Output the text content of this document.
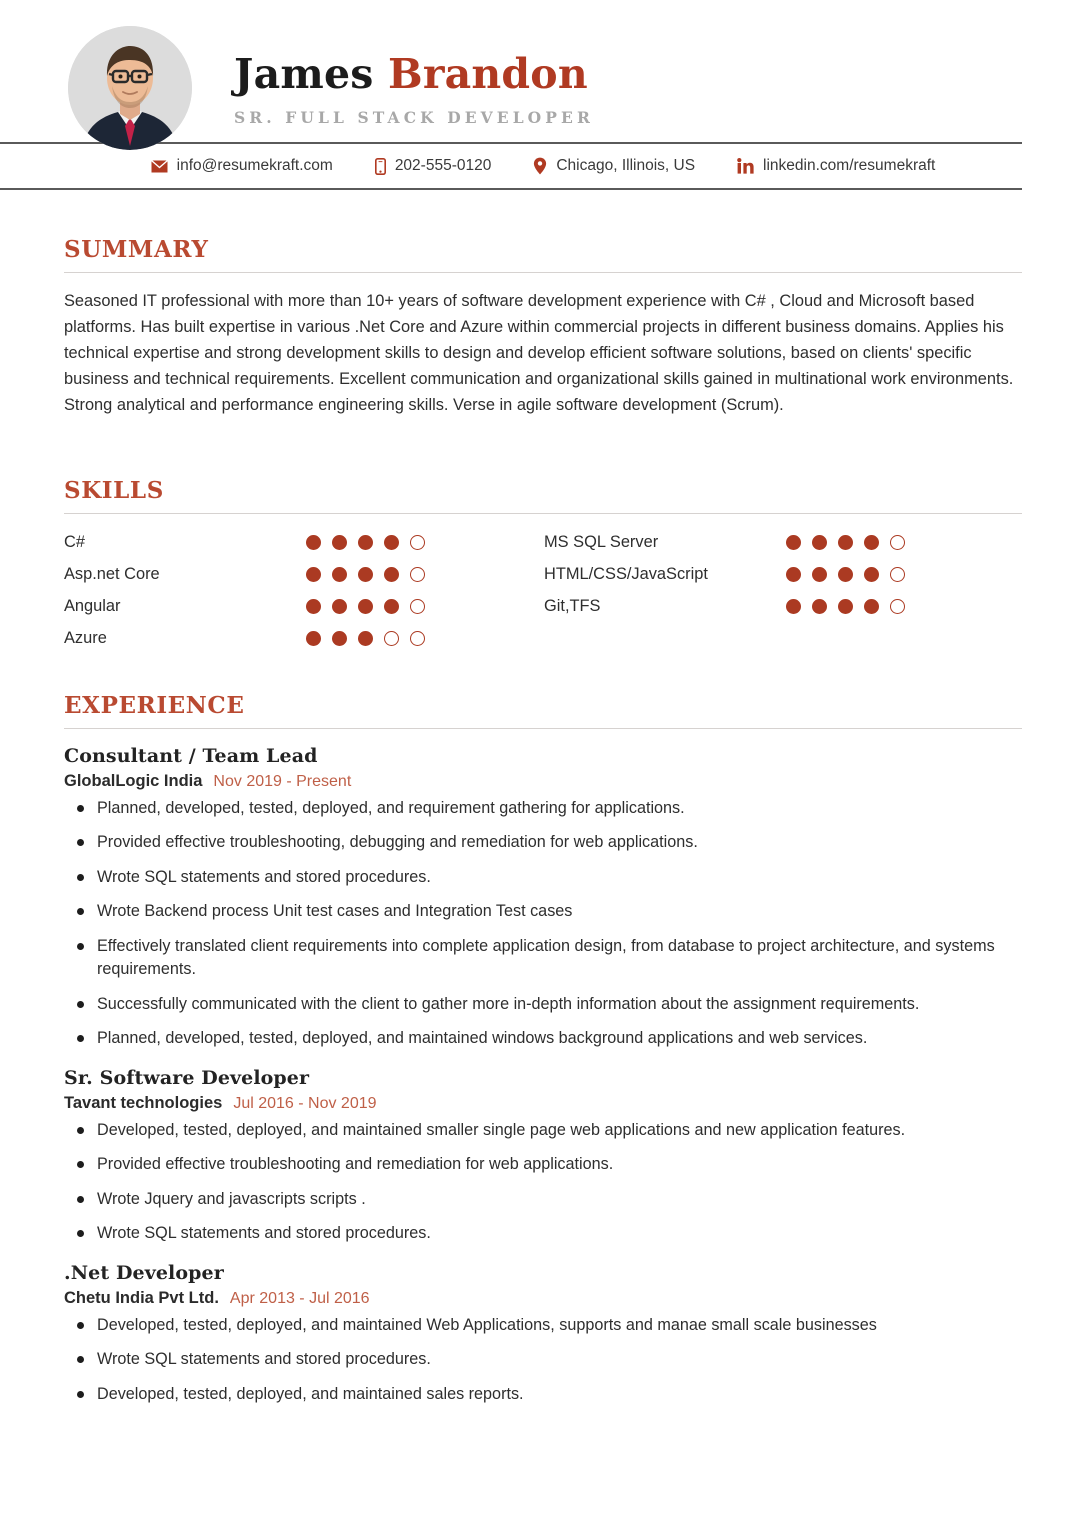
James Brandon
SR. FULL STACK DEVELOPER
info@resumekraft.com	202-555-0120	Chicago, Illinois, US	linkedin.com/resumekraft
SUMMARY

Seasoned IT professional with more than 10+ years of software development experience with C# , Cloud and Microsoft based platforms. Has built expertise in various .Net Core and Azure within commercial projects in different business domains. Applies his technical expertise and strong development skills to design and develop efficient software solutions, based on clients' specific business and technical requirements. Excellent communication and organizational skills gained in multinational work environments. Strong analytical and performance engineering skills. Verse in agile software development (Scrum).

SKILLS
C#
Asp.net Core
Angular
Azure
MS SQL Server
HTML/CSS/JavaScript
Git,TFS
EXPERIENCE
Consultant / Team Lead
GlobalLogic India Nov 2019 - Present
Planned, developed, tested, deployed, and requirement gathering for applications.
Provided effective troubleshooting, debugging and remediation for web applications.
Wrote SQL statements and stored procedures.
Wrote Backend process Unit test cases and Integration Test cases
Effectively translated client requirements into complete application design, from database to project architecture, and systems requirements.
Successfully communicated with the client to gather more in-depth information about the assignment requirements.
Planned, developed, tested, deployed, and maintained windows background applications and web services.
Sr. Software Developer
Tavant technologies Jul 2016 - Nov 2019
Developed, tested, deployed, and maintained smaller single page web applications and new application features.
Provided effective troubleshooting and remediation for web applications.
Wrote Jquery and javascripts scripts .
Wrote SQL statements and stored procedures.
.Net Developer
Chetu India Pvt Ltd. Apr 2013 - Jul 2016
Developed, tested, deployed, and maintained Web Applications, supports and manae small scale businesses
Wrote SQL statements and stored procedures.
Developed, tested, deployed, and maintained sales reports.
